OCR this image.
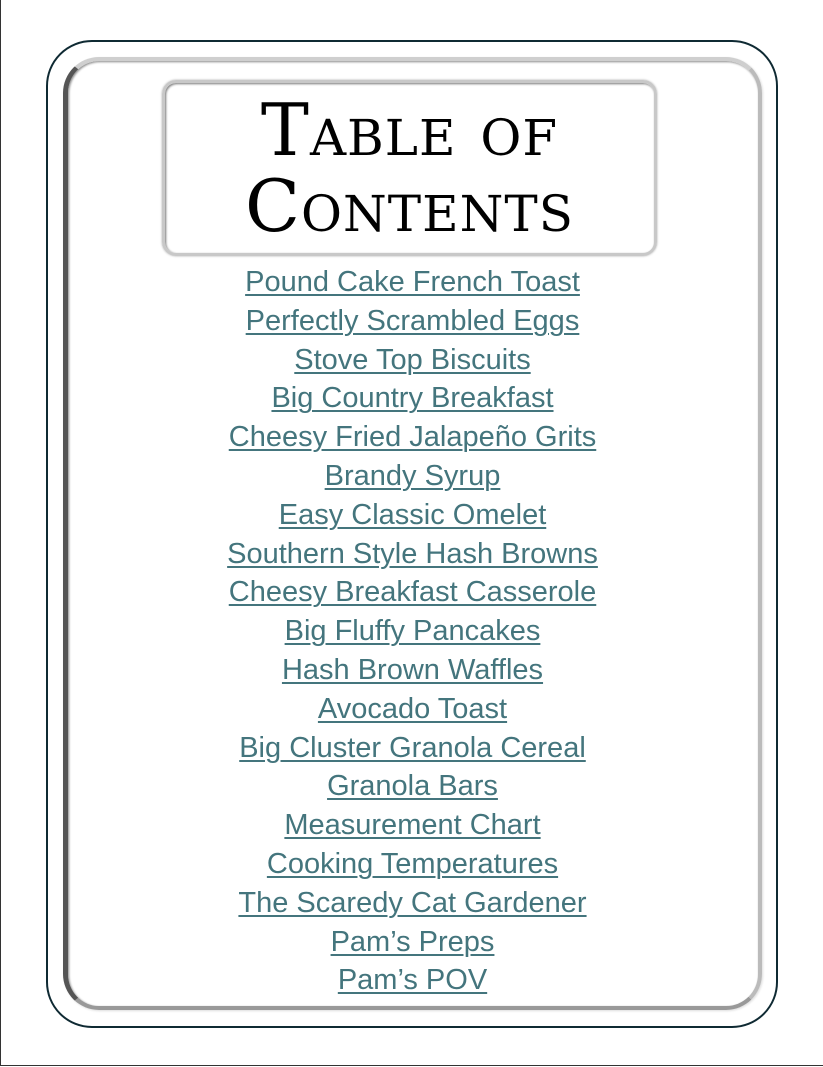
Table of
Contents
Pound Cake French Toast
Perfectly Scrambled Eggs
Stove Top Biscuits
Big Country Breakfast
Cheesy Fried Jalapeño Grits
Brandy Syrup
Easy Classic Omelet
Southern Style Hash Browns
Cheesy Breakfast Casserole
Big Fluffy Pancakes
Hash Brown Waffles
Avocado Toast
Big Cluster Granola Cereal
Granola Bars
Measurement Chart
Cooking Temperatures
The Scaredy Cat Gardener
Pam’s Preps
Pam’s POV
